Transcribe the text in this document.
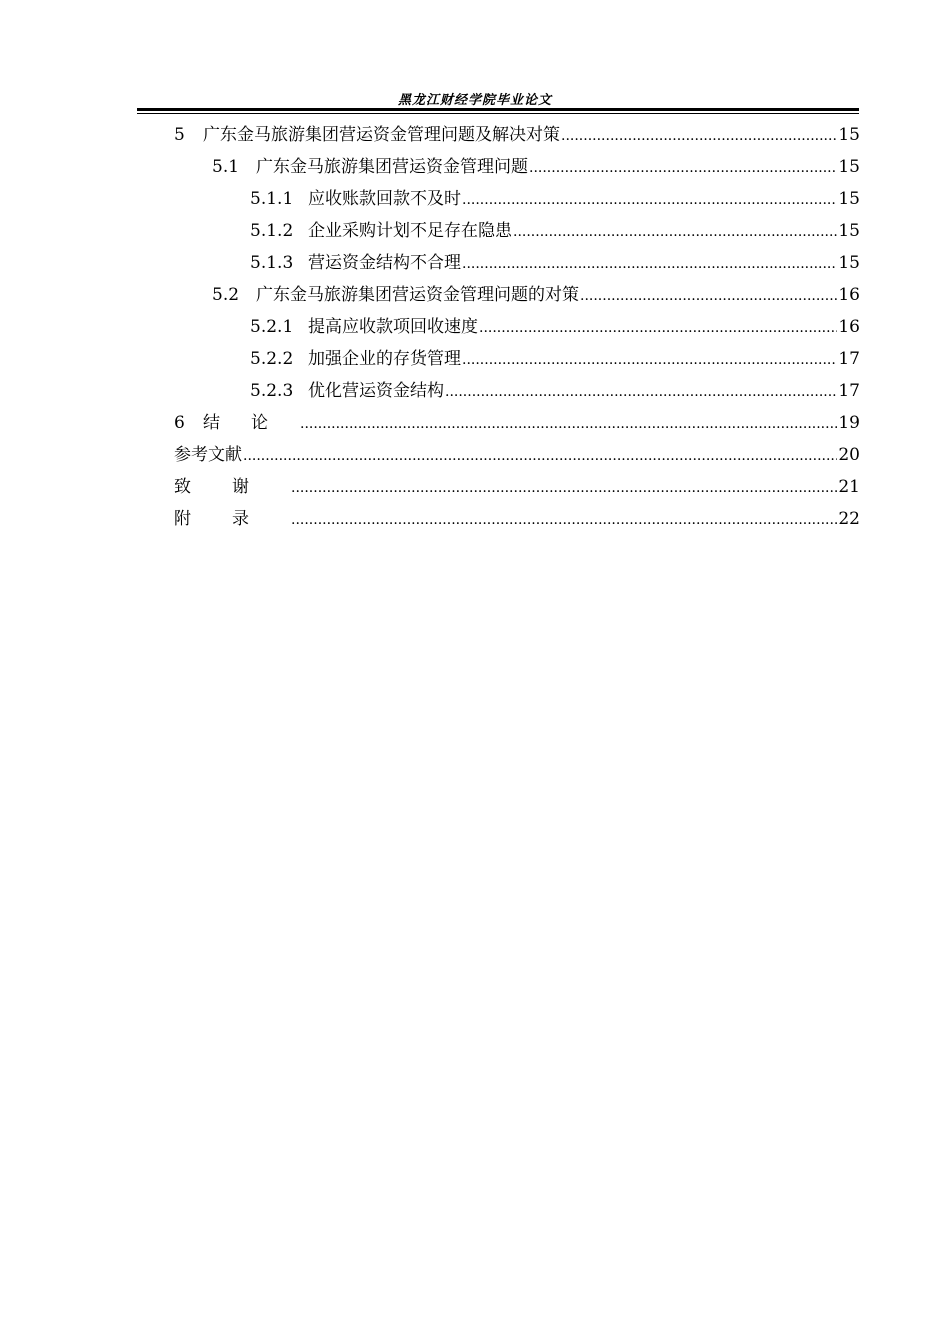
黑龙江财经学院毕业论文
5	广东金马旅游集团营运资金管理问题及解决对策 .....	15
5.1 广东金马旅游集团营运资金管理问题 .....	15
5.1.1 应收账款回款不及时 .....	15
5.1.2 企业采购计划不足存在隐患 .....	15
5.1.3 营运资金结构不合理 .....	15
5.2 广东金马旅游集团营运资金管理问题的对策 .....	16
5.2.1 提高应收款项回收速度 .....	16
5.2.2 加强企业的存货管理 .....	17
5.2.3 优化营运资金结构 .....	17
6	结论 .....	19
参考文献 .....	20
致谢 .....	21
附录 .....	22
